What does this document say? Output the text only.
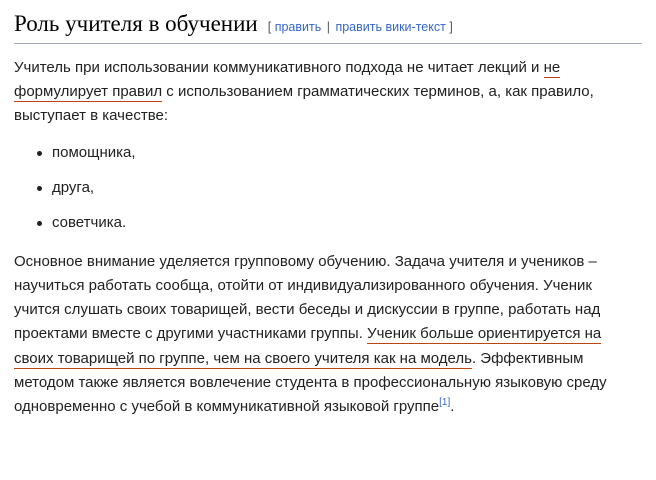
Роль учителя в обучении [ править | править вики-текст ]

Учитель при использовании коммуникативного подхода не читает лекций и не формулирует правил с использованием грамматических терминов, а, как правило, выступает в качестве:

помощника,
друга,
советчика.

Основное внимание уделяется групповому обучению. Задача учителя и учеников – научиться работать сообща, отойти от индивидуализированного обучения. Ученик учится слушать своих товарищей, вести беседы и дискуссии в группе, работать над проектами вместе с другими участниками группы. Ученик больше ориентируется на своих товарищей по группе, чем на своего учителя как на модель. Эффективным методом также является вовлечение студента в профессиональную языковую среду одновременно с учебой в коммуникативной языковой группе[1].
